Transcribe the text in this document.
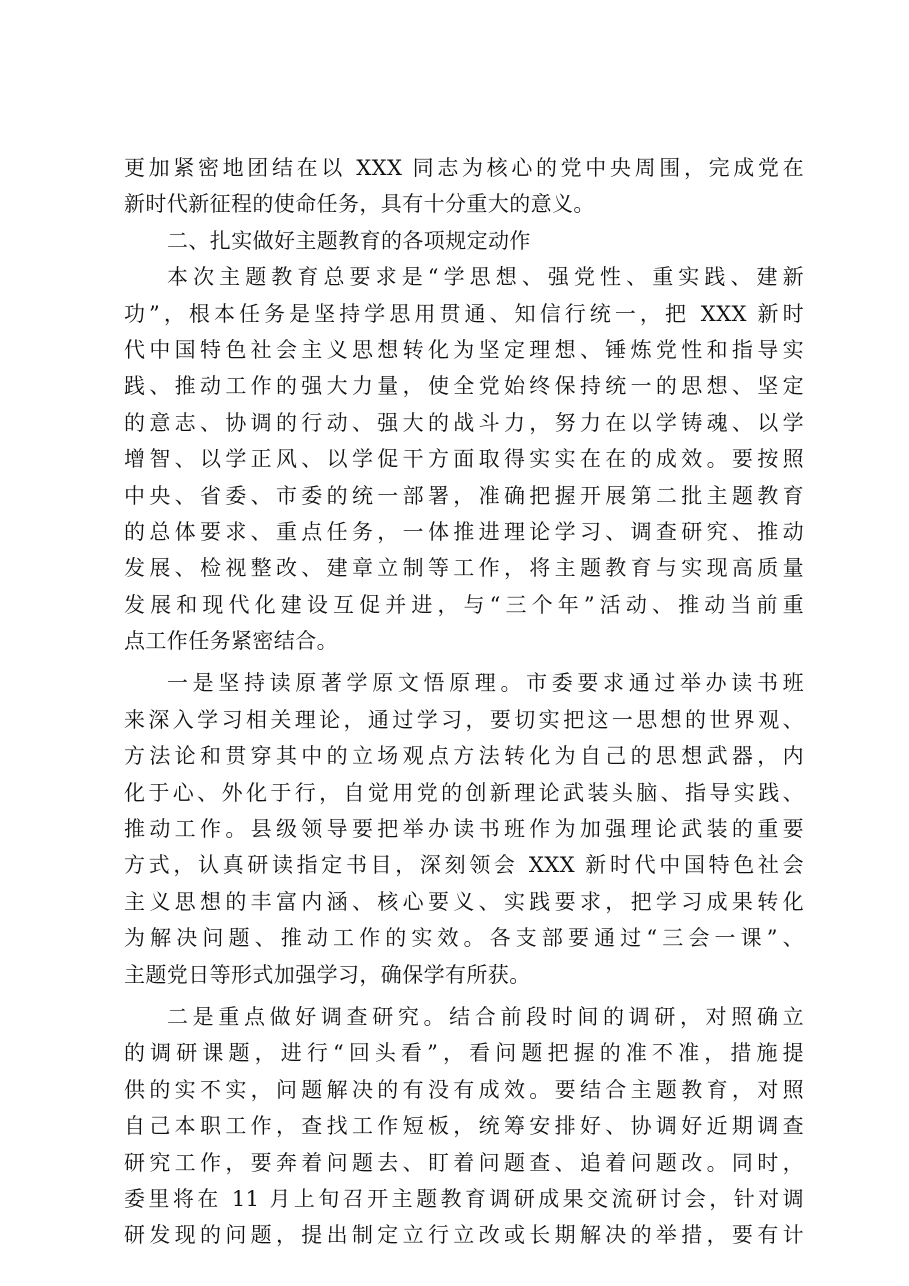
更加紧密地团结在以 XXX 同志为核心的党中央周围，完成党在
新时代新征程的使命任务，具有十分重大的意义。
二、扎实做好主题教育的各项规定动作
本次主题教育总要求是“学思想、强党性、重实践、建新
功”，根本任务是坚持学思用贯通、知信行统一，把 XXX 新时
代中国特色社会主义思想转化为坚定理想、锤炼党性和指导实
践、推动工作的强大力量，使全党始终保持统一的思想、坚定
的意志、协调的行动、强大的战斗力，努力在以学铸魂、以学
增智、以学正风、以学促干方面取得实实在在的成效。要按照
中央、省委、市委的统一部署，准确把握开展第二批主题教育
的总体要求、重点任务，一体推进理论学习、调查研究、推动
发展、检视整改、建章立制等工作，将主题教育与实现高质量
发展和现代化建设互促并进，与“三个年”活动、推动当前重
点工作任务紧密结合。
一是坚持读原著学原文悟原理。市委要求通过举办读书班
来深入学习相关理论，通过学习，要切实把这一思想的世界观、
方法论和贯穿其中的立场观点方法转化为自己的思想武器，内
化于心、外化于行，自觉用党的创新理论武装头脑、指导实践、
推动工作。县级领导要把举办读书班作为加强理论武装的重要
方式，认真研读指定书目，深刻领会 XXX 新时代中国特色社会
主义思想的丰富内涵、核心要义、实践要求，把学习成果转化
为解决问题、推动工作的实效。各支部要通过“三会一课”、
主题党日等形式加强学习，确保学有所获。
二是重点做好调查研究。结合前段时间的调研，对照确立
的调研课题，进行“回头看”，看问题把握的准不准，措施提
供的实不实，问题解决的有没有成效。要结合主题教育，对照
自己本职工作，查找工作短板，统筹安排好、协调好近期调查
研究工作，要奔着问题去、盯着问题查、追着问题改。同时，
委里将在 11 月上旬召开主题教育调研成果交流研讨会，针对调
研发现的问题，提出制定立行立改或长期解决的举措，要有计
